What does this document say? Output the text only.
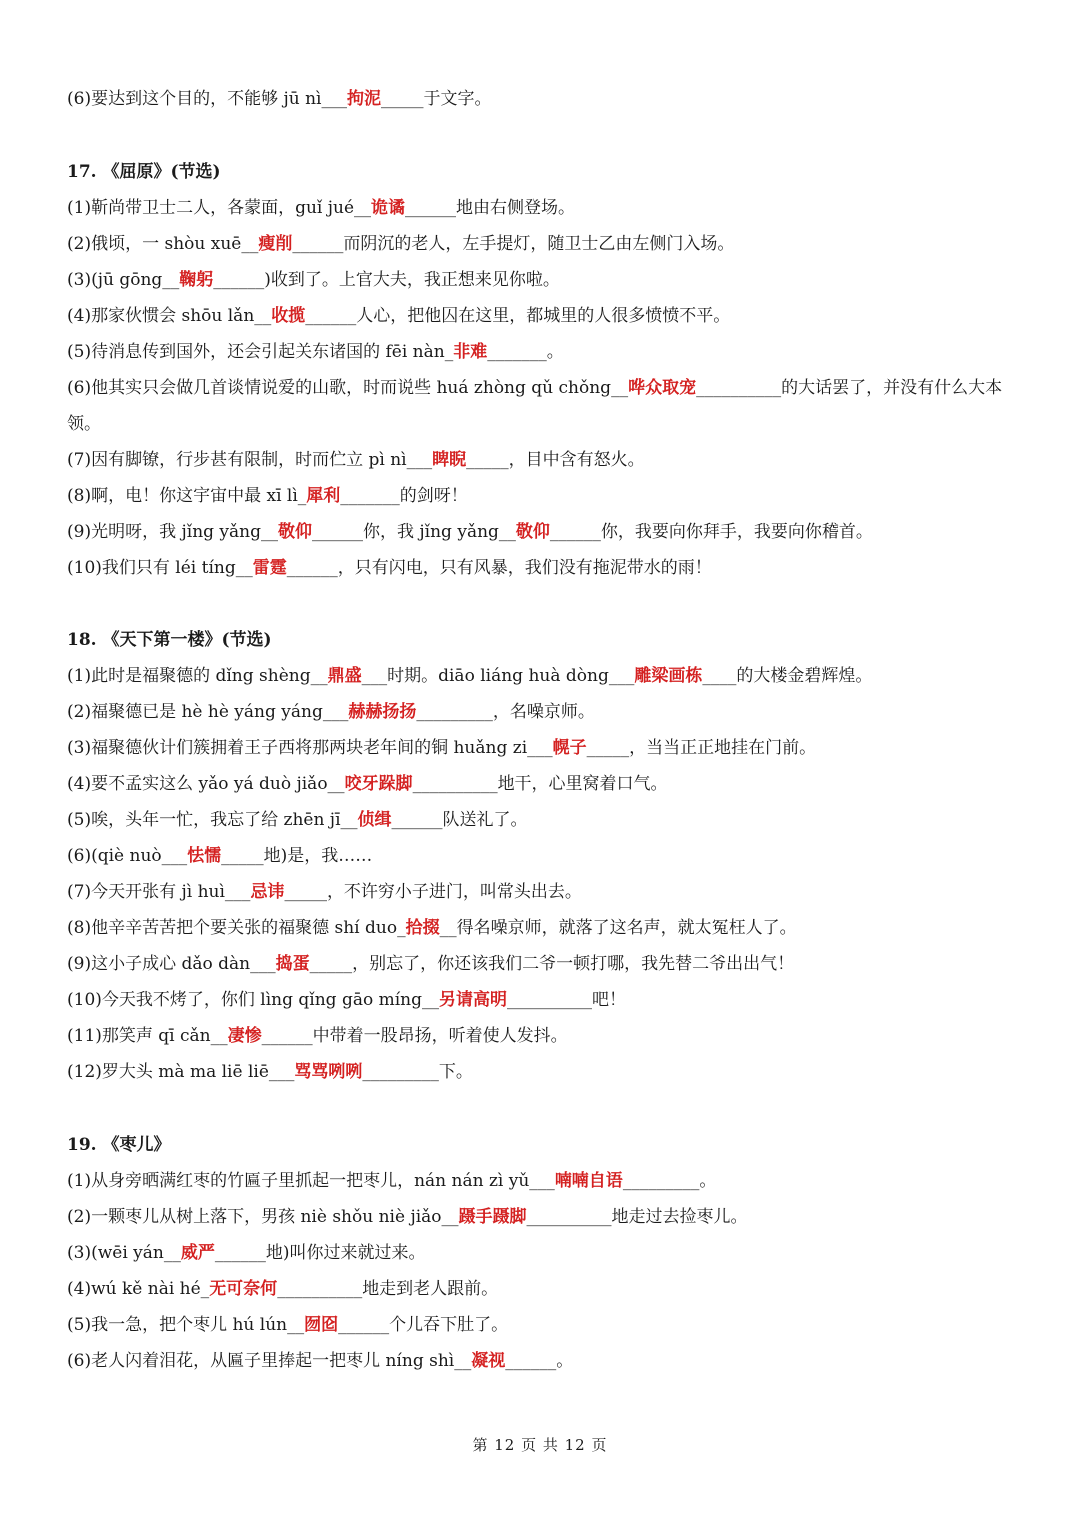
(6)要达到这个目的，不能够 jū nì___拘泥_____于文字。
17. 《屈原》(节选)
(1)靳尚带卫士二人，各蒙面，guǐ jué__诡谲______地由右侧登场。
(2)俄顷，一 shòu xuē__瘦削______而阴沉的老人，左手提灯，随卫士乙由左侧门入场。
(3)(jū gōng__鞠躬______)收到了。上官大夫，我正想来见你啦。
(4)那家伙惯会 shōu lǎn__收揽______人心，把他囚在这里，都城里的人很多愤愤不平。
(5)待消息传到国外，还会引起关东诸国的 fēi nàn_非难_______。
(6)他其实只会做几首谈情说爱的山歌，时而说些 huá zhòng qǔ chǒng__哗众取宠__________的大话罢了，并没有什么大本领。
(7)因有脚镣，行步甚有限制，时而伫立 pì nì___睥睨_____，目中含有怒火。
(8)啊，电！你这宇宙中最 xī lì_犀利_______的剑呀！
(9)光明呀，我 jǐng yǎng__敬仰______你，我 jǐng yǎng__敬仰______你，我要向你拜手，我要向你稽首。
(10)我们只有 léi tíng__雷霆______，只有闪电，只有风暴，我们没有拖泥带水的雨！
18. 《天下第一楼》(节选)
(1)此时是福聚德的 dǐng shèng__鼎盛___时期。diāo liáng huà dòng___雕梁画栋____的大楼金碧辉煌。
(2)福聚德已是 hè hè yáng yáng___赫赫扬扬_________，名噪京师。
(3)福聚德伙计们簇拥着王子西将那两块老年间的铜 huǎng zi___幌子_____，当当正正地挂在门前。
(4)要不孟实这么 yǎo yá duò jiǎo__咬牙跺脚__________地干，心里窝着口气。
(5)唉，头年一忙，我忘了给 zhēn jī__侦缉______队送礼了。
(6)(qiè nuò___怯懦_____地)是，我……
(7)今天开张有 jì huì___忌讳_____，不许穷小子进门，叫常头出去。
(8)他辛辛苦苦把个要关张的福聚德 shí duo_拾掇__得名噪京师，就落了这名声，就太冤枉人了。
(9)这小子成心 dǎo dàn___捣蛋_____，别忘了，你还该我们二爷一顿打哪，我先替二爷出出气！
(10)今天我不烤了，你们 lìng qǐng gāo míng__另请高明__________吧！
(11)那笑声 qī cǎn__凄惨______中带着一股昂扬，听着使人发抖。
(12)罗大头 mà ma liē liē___骂骂咧咧_________下。
19. 《枣儿》
(1)从身旁晒满红枣的竹匾子里抓起一把枣儿，nán nán zì yǔ___喃喃自语_________。
(2)一颗枣儿从树上落下，男孩 niè shǒu niè jiǎo__蹑手蹑脚__________地走过去捡枣儿。
(3)(wēi yán__威严______地)叫你过来就过来。
(4)wú kě nài hé_无可奈何__________地走到老人跟前。
(5)我一急，把个枣儿 hú lún__囫囵______个儿吞下肚了。
(6)老人闪着泪花，从匾子里捧起一把枣儿 níng shì__凝视______。
第 12 页 共 12 页
